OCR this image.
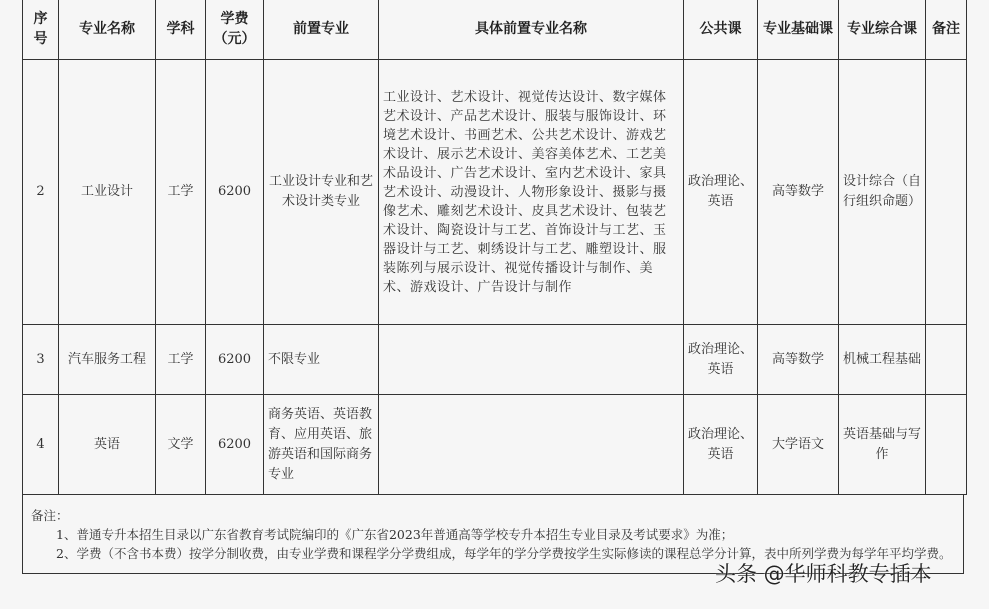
序号	专业名称	学科	学费（元）	前置专业	具体前置专业名称	公共课	专业基础课	专业综合课	备注
2	工业设计	工学	6200	工业设计专业和艺术设计类专业	工业设计、艺术设计、视觉传达设计、数字媒体艺术设计、产品艺术设计、服装与服饰设计、环境艺术设计、书画艺术、公共艺术设计、游戏艺术设计、展示艺术设计、美容美体艺术、工艺美术品设计、广告艺术设计、室内艺术设计、家具艺术设计、动漫设计、人物形象设计、摄影与摄像艺术、雕刻艺术设计、皮具艺术设计、包装艺术设计、陶瓷设计与工艺、首饰设计与工艺、玉器设计与工艺、刺绣设计与工艺、雕塑设计、服装陈列与展示设计、视觉传播设计与制作、美术、游戏设计、广告设计与制作	政治理论、英语	高等数学	设计综合（自行组织命题）	
3	汽车服务工程	工学	6200	不限专业		政治理论、英语	高等数学	机械工程基础	
4	英语	文学	6200	商务英语、英语教育、应用英语、旅游英语和国际商务专业		政治理论、英语	大学语文	英语基础与写作	

备注：

1、普通专升本招生目录以广东省教育考试院编印的《广东省2023年普通高等学校专升本招生专业目录及考试要求》为准；

2、学费（不含书本费）按学分制收费，由专业学费和课程学分学费组成，每学年的学分学费按学生实际修读的课程总学分计算，表中所列学费为每学年平均学费。

头条 @华师科教专插本
